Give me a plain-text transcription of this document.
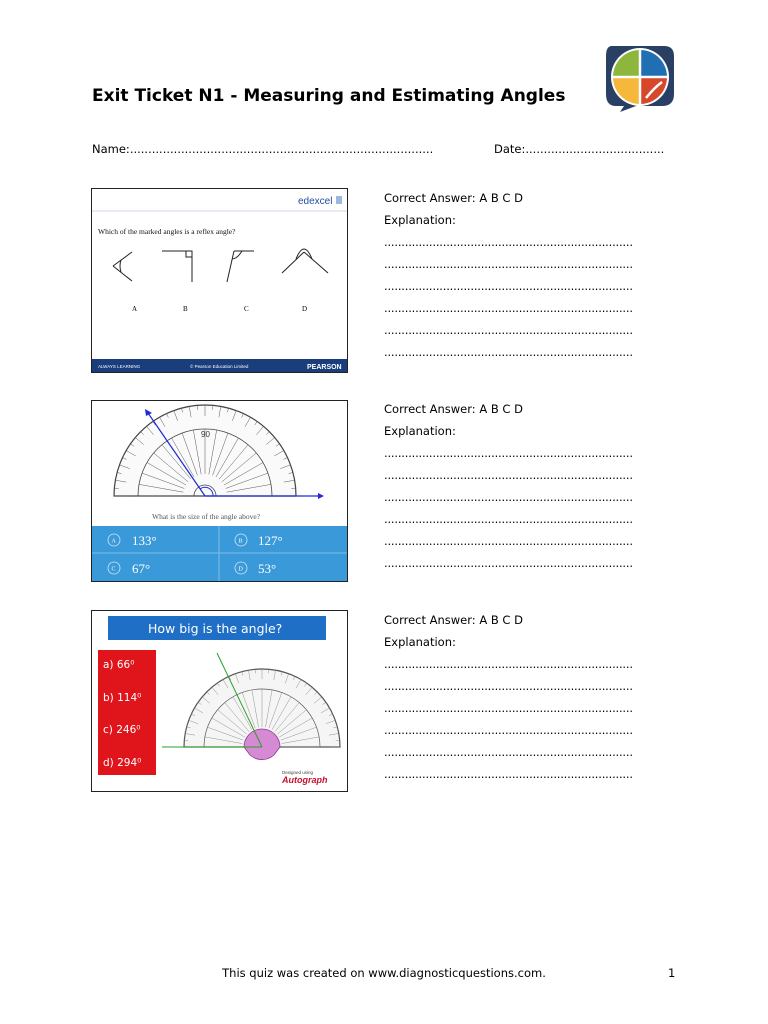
Exit Ticket N1 - Measuring and Estimating Angles
Name:...................................................................................	Date:......................................
edexcel
Which of the marked angles is a reflex angle?
A	B	C	D
ALWAYS LEARNING	© Pearson Education Limited	PEARSON
90
What is the size of the angle above?
A 133°	B 127°
C 67°	D 53°
How big is the angle?
a) 66⁰
b) 114⁰
c) 246⁰
d) 294⁰
Designed using
Autograph
Correct Answer: A B C D
Explanation:
........................................................................
........................................................................
........................................................................
........................................................................
........................................................................
........................................................................
Correct Answer: A B C D
Explanation:
........................................................................
........................................................................
........................................................................
........................................................................
........................................................................
........................................................................
Correct Answer: A B C D
Explanation:
........................................................................
........................................................................
........................................................................
........................................................................
........................................................................
........................................................................
This quiz was created on www.diagnosticquestions.com.	1
